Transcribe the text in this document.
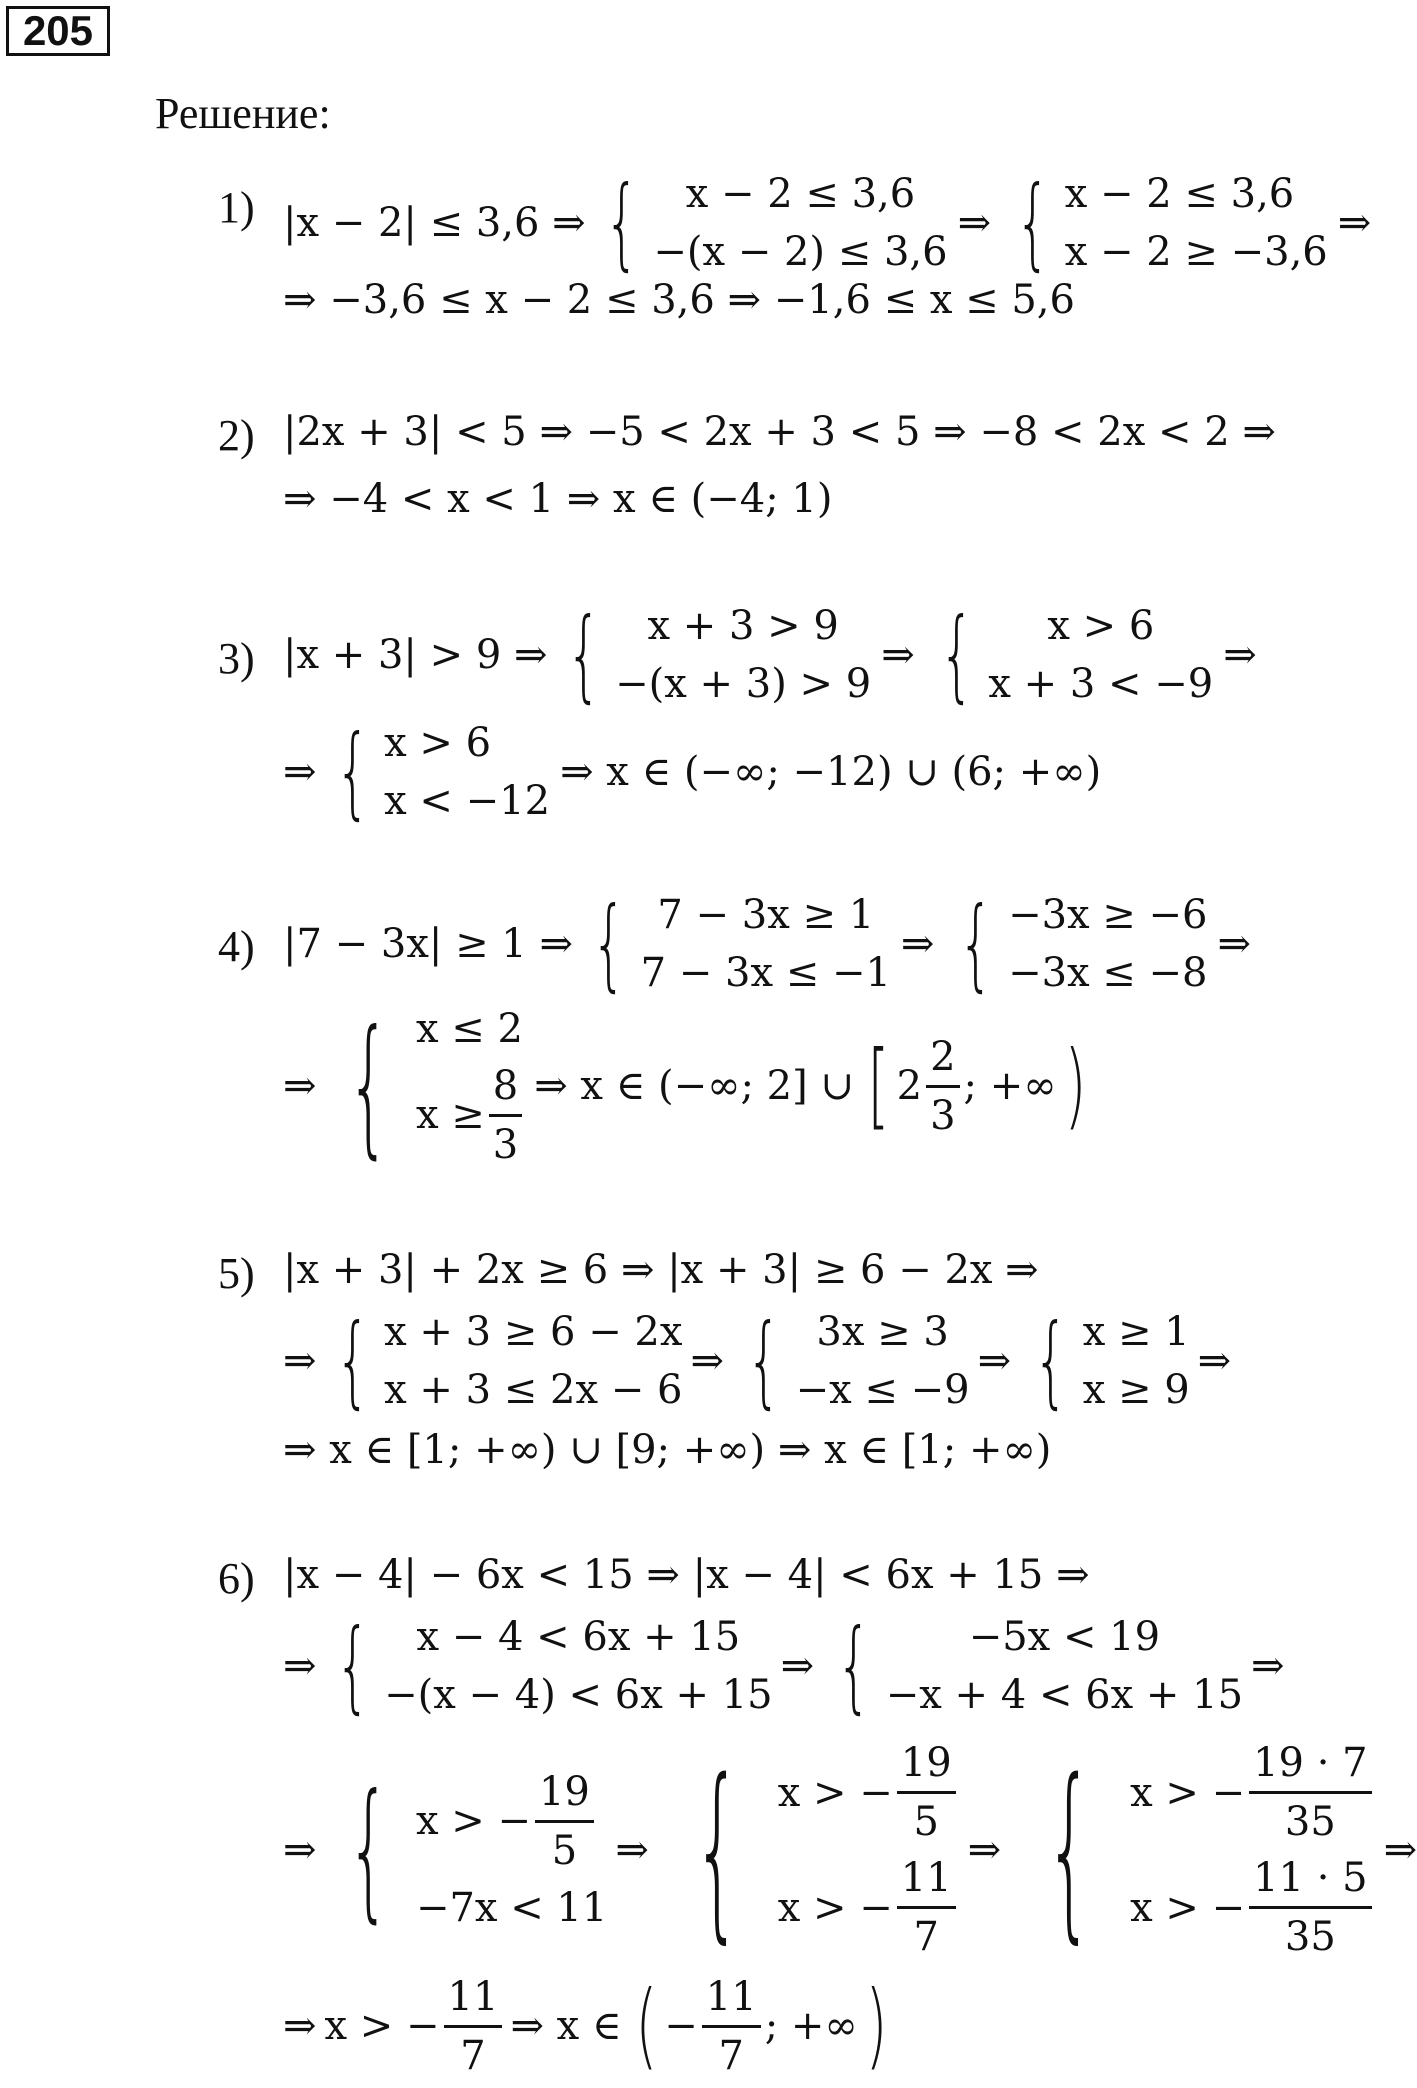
205
Решение:
1) |x − 2| ≤ 3,6 ⇒ {	x − 2 ≤ 3,6
−(x − 2) ≤ 3,6
⇒ { x − 2 ≤ 3,6
x − 2 ≥ −3,6
⇒
⇒ −3,6 ≤ x − 2 ≤ 3,6 ⇒ −1,6 ≤ x ≤ 5,6
2) |2x + 3| < 5 ⇒ −5 < 2x + 3 < 5 ⇒ −8 < 2x < 2 ⇒
⇒ −4 < x < 1 ⇒ x ∈ (−4; 1)
3) |x + 3| > 9 ⇒ {	x + 3 > 9
−(x + 3) > 9
⇒ {	x > 6
x + 3 < −9
⇒
⇒ { x > 6
x < −12
⇒ x ∈ (−∞; −12) ∪ (6; +∞)
4) |7 − 3x| ≥ 1 ⇒ { 7 − 3x ≥ 1
7 − 3x ≤ −1
⇒ { −3x ≥ −6
−3x ≤ −8
⇒
⇒ { x ≤ 2
$x \ge \frac{8}{3}$ ⇒ x ∈ (−∞; 2] ∪ [ $2 \frac{2}{3}$ ; +∞ )
5) |x + 3| + 2x ≥ 6 ⇒ |x + 3| ≥ 6 − 2x ⇒
⇒ { x + 3 ≥ 6 − 2x
x + 3 ≤ 2x − 6
⇒ { 3x ≥ 3
−x ≤ −9
⇒ { x ≥ 1
x ≥ 9
⇒
⇒ x ∈ [1; +∞) ∪ [9; +∞) ⇒ x ∈ [1; +∞)
6) |x − 4| − 6x < 15 ⇒ |x − 4| < 6x + 15 ⇒
⇒ {	x − 4 < 6x + 15
−(x − 4) < 6x + 15
⇒ {	−5x < 19
−x + 4 < 6x + 15
⇒
⇒ { x > − $\frac{19}{5}$
−7x < 11
⇒ { x > − $\frac{19}{5}$
x > − $\frac{11}{7}$ ⇒ { x > − $\frac{19 \cdot 7}{35}$
x > − $\frac{11 \cdot 5}{35}$ ⇒
⇒ x > − $\frac{11}{7}$ ⇒ x ∈ ( − $\frac{11}{7}$ ; +∞ )
